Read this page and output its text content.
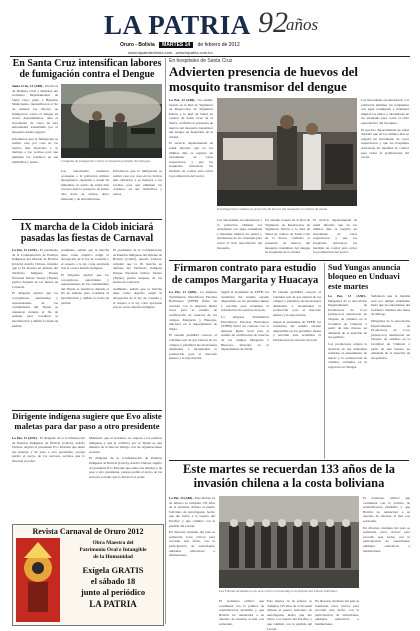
LA PATRIA 92
años
Oruro - Bolivia MARTES 14 de febrero de 2012
www.lapatriaenlinea.com - www.lapatria.com.bo
En Santa Cruz intensifican labores de fumigación contra el Dengue

Santa Cruz, 13 (ABI).- Efectivos de Defensa Civil y militares del Gobierno Departamental de Santa Cruz, junto a Brigadas Municipales, intensificaron el fin de semana las labores de fumigación contra el dengue en cuatro departamentos, ante el incremento de casos de esta enfermedad transmitida por el mosquito Aedes aegypti.

Informaron que la fumigación se realiza casa por casa en los barrios más afectados y se instruye a los vecinos para que eliminen los criaderos en sus domicilios y patios.	Campaña de fumigación contra el mosquito portador del Dengue.

Las autoridades sanitarias aconsejan a la población utilizar mosquiteros, repelente y acudir de inmediato al centro de salud más cercano ante la presencia de fiebre alta, dolor de cabeza, dolor muscular y de articulaciones.

Informaron que la fumigación se realiza casa por casa en los barrios más afectados y se instruye a los vecinos para que eliminen los criaderos en sus domicilios y patios.

IX marcha de la Cidob iniciará pasadas las fiestas de Carnaval

La Paz, 13 (ANF).- El presidente de la Confederación de Pueblos Indígenas del Oriente de Bolivia (Cidob), Adolfo Chávez, informó que la IX marcha en defensa del Territorio Indígena Parque Nacional Isiboro Sécure (Tipnis) partirá después de las fiestas de Carnaval.

El dirigente explicó que los corregidores, autoridades y representantes de las comunidades del Tipnis se reunieron durante el fin de semana para coordinar la movilización y definir la fecha de partida.

Asimismo, señaló que la marcha tiene como objetivo exigir la abrogación de la ley de consulta y el respeto a la ley corta aprobada tras la octava marcha indígena.

El dirigente explicó que los corregidores, autoridades y representantes de las comunidades del Tipnis se reunieron durante el fin de semana para coordinar la movilización y definir la fecha de partida.

El presidente de la Confederación de Pueblos Indígenas del Oriente de Bolivia (Cidob), Adolfo Chávez, informó que la IX marcha en defensa del Territorio Indígena Parque Nacional Isiboro Sécure (Tipnis) partirá después de las fiestas de Carnaval.

Asimismo, señaló que la marcha tiene como objetivo exigir la abrogación de la ley de consulta y el respeto a la ley corta aprobada tras la octava marcha indígena.

Dirigente indígena sugiere que Evo aliste maletas para dar paso a otro presidente

La Paz, 13 (ANF).- El dirigente de la Confederación de Pueblos Indígenas de Bolivia (Cidob), Adolfo Chávez, sugirió al presidente Evo Morales que aliste sus maletas y dé paso a otro presidente, porque perdió el apoyo de los sectores sociales que lo llevaron al poder.

Manifestó que el Gobierno no respeta a los pueblos indígenas y que el conflicto por el Tipnis es una muestra de la falta de diálogo con las organizaciones sociales.

El dirigente de la Confederación de Pueblos Indígenas de Bolivia (Cidob), Adolfo Chávez, sugirió al presidente Evo Morales que aliste sus maletas y dé paso a otro presidente, porque perdió el apoyo de los sectores sociales que lo llevaron al poder.

Revista Carnaval de Oruro 2012
Obra Maestra del
Patrimonio Oral e Intangible
de la Humanidad
Exígela GRATIS
el sábado 18
junto al periódico
LA PATRIA
En hospitales de Santa Cruz
Advierten presencia de huevos del mosquito transmisor del dengue

La Paz, 13 (ABI).- Un estudio basado en la Red de Vigilancia de Reservorios de Vigilancia Patrón y la Red de Salud en centros de Santa Cruz de la Sierra, confirmó la presencia de huevos del mosquito transmisor del dengue en hospitales de la ciudad.

El servicio departamental de salud informó que en los últimos días se registró un incremento de casos sospechosos y que los hospitales reforzaron las medidas de control para evitar la proliferación del vector.

Investigaciones señalan la presencia de huevos del mosquito en centros de salud.

Las autoridades recomendaron a la población eliminar los recipientes con agua acumulada y mantener limpios los patios y alrededores de las viviendas para cortar el ciclo reproductivo del mosquito.

El servicio departamental de salud informó que en los últimos días se registró un incremento de casos sospechosos y que los hospitales reforzaron las medidas de control para evitar la proliferación del vector.

Las autoridades recomendaron a la población eliminar los recipientes con agua acumulada y mantener limpios los patios y alrededores de las viviendas para cortar el ciclo reproductivo del mosquito.

Un estudio basado en la Red de Vigilancia de Reservorios de Vigilancia Patrón y la Red de Salud en centros de Santa Cruz de la Sierra, confirmó la presencia de huevos del mosquito transmisor del dengue en hospitales de la ciudad.

El servicio departamental de salud informó que en los últimos días se registró un incremento de casos sospechosos y que los hospitales reforzaron las medidas de control para evitar la proliferación del vector.

Firmaron contrato para estudio de campos Margarita y Huacaya

La Paz, 13 (ABI).- La empresa Yacimientos Petrolíferos Fiscales Bolivianos (YPFB) firmó un contrato con la empresa Ryder Scott para el estudio de certificación de reservas de los campos Margarita y Huacaya, ubicados en el departamento de Tarija.

El estudio permitirá conocer el volumen real de gas natural de los campos y planificar las inversiones destinadas a incrementar la producción para el mercado interno y la exportación.

Según el presidente de YPFB, los resultados del estudio estarán disponibles en los próximos meses y servirán para actualizar la información de reservas del país.

La empresa Yacimientos Petrolíferos Fiscales Bolivianos (YPFB) firmó un contrato con la empresa Ryder Scott para el estudio de certificación de reservas de los campos Margarita y Huacaya, ubicados en el departamento de Tarija.

El estudio permitirá conocer el volumen real de gas natural de los campos y planificar las inversiones destinadas a incrementar la producción para el mercado interno y la exportación.

Según el presidente de YPFB, los resultados del estudio estarán disponibles en los próximos meses y servirán para actualizar la información de reservas del país.

Sud Yungas anuncia bloqueo en Unduavi este martes

La Paz, 13 (ANF).- Dirigentes de la Asociación Departamental de Productores de Coca (Adepcoca) anunciaron un bloqueo de caminos en la localidad de Unduavi a partir de este martes, en demanda de la atención de sus pedidos.

Los productores exigen la atención de sus demandas referidas al saneamiento de tierras y la construcción de caminos vecinales en la región de los Yungas.

Señalaron que la medida será por tiempo indefinido hasta que las autoridades del Gobierno instalen una mesa de diálogo.

Dirigentes de la Asociación Departamental de Productores de Coca (Adepcoca) anunciaron un bloqueo de caminos en la localidad de Unduavi a partir de este martes, en demanda de la atención de sus pedidos.

Este martes se recuerdan 133 años de la invasión chilena a la costa boliviana

La Paz, 13 (ABI).- Este martes 14 de febrero se cumplen 133 años de la invasión chilena al puerto boliviano de Antofagasta, hecho que dio inicio a la Guerra del Pacífico y que culminó con la pérdida del Litoral.

En diversas ciudades del país se realizarán actos cívicos para recordar esta fecha, con la participación de autoridades, unidades educativas e instituciones.

Las Fuerzas Armadas en un acto cívico en homenaje a la defensa del Litoral boliviano.

El Gobierno ratificó que continuará con la política de reivindicación marítima y que Bolivia no renunciará a su derecho de retornar al mar con soberanía.

En diversas ciudades del país se realizarán actos cívicos para recordar esta fecha, con la participación de autoridades, unidades educativas e instituciones.

El Gobierno ratificó que continuará con la política de reivindicación marítima y que Bolivia no renunciará a su derecho de retornar al mar con soberanía.

Este martes 14 de febrero se cumplen 133 años de la invasión chilena al puerto boliviano de Antofagasta, hecho que dio inicio a la Guerra del Pacífico y que culminó con la pérdida del Litoral.

En diversas ciudades del país se realizarán actos cívicos para recordar esta fecha, con la participación de autoridades, unidades educativas e instituciones.
